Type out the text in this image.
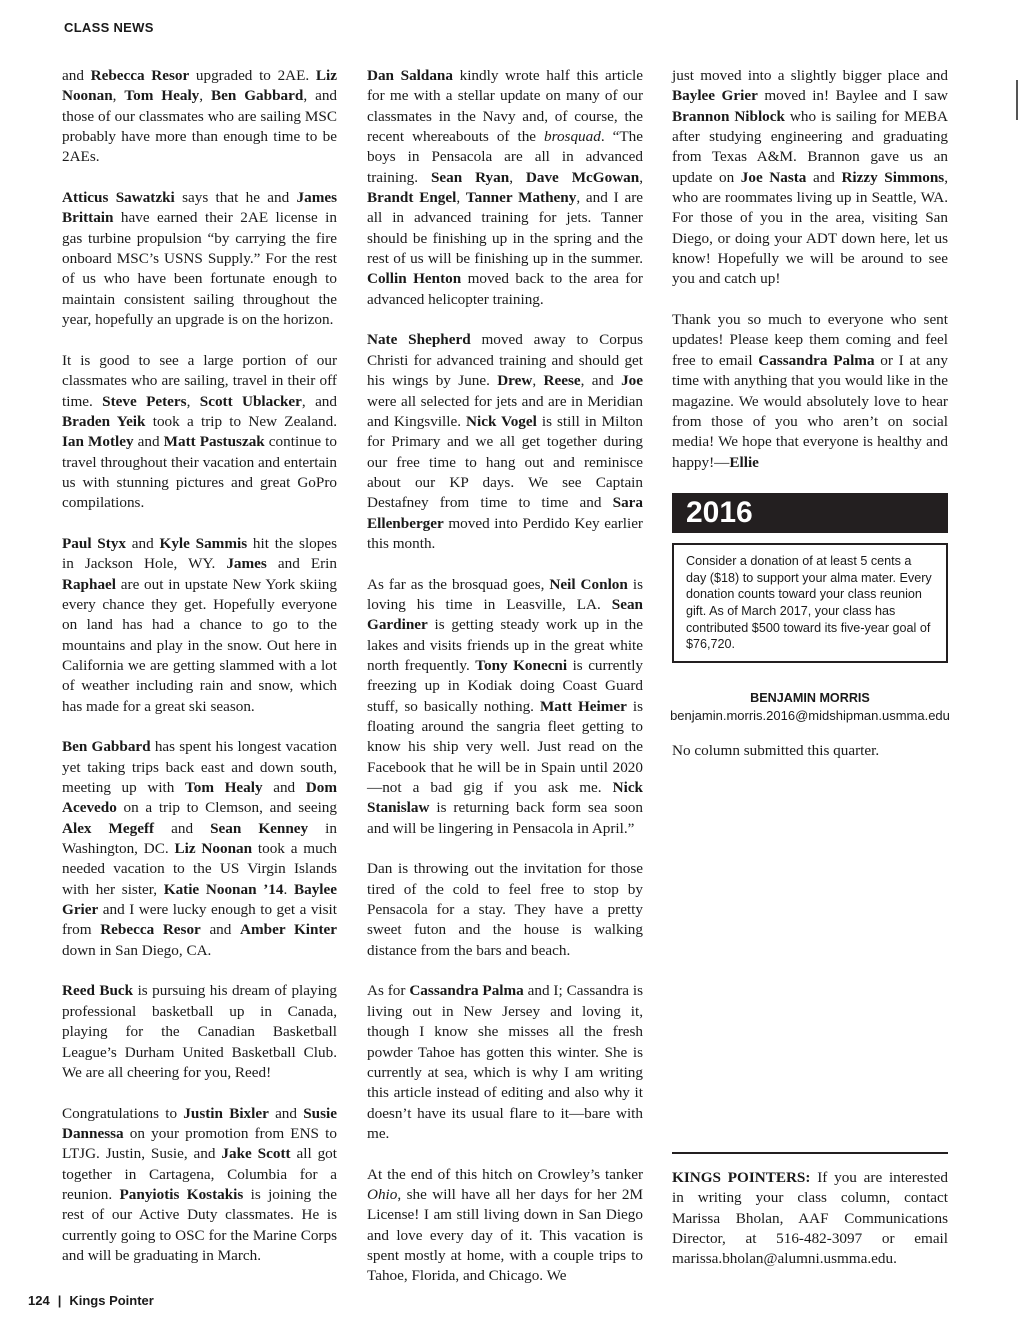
CLASS NEWS

and Rebecca Resor upgraded to 2AE. Liz Noonan, Tom Healy, Ben Gabbard, and those of our classmates who are sailing MSC probably have more than enough time to be 2AEs.

Atticus Sawatzki says that he and James Brittain have earned their 2AE license in gas turbine propulsion “by carrying the fire onboard MSC’s USNS Supply.” For the rest of us who have been fortunate enough to maintain consistent sailing throughout the year, hopefully an upgrade is on the horizon.

It is good to see a large portion of our classmates who are sailing, travel in their off time. Steve Peters, Scott Ublacker, and Braden Yeik took a trip to New Zealand. Ian Motley and Matt Pastuszak continue to travel throughout their vacation and entertain us with stunning pictures and great GoPro compilations.

Paul Styx and Kyle Sammis hit the slopes in Jackson Hole, WY. James and Erin Raphael are out in upstate New York skiing every chance they get. Hopefully everyone on land has had a chance to go to the mountains and play in the snow. Out here in California we are getting slammed with a lot of weather including rain and snow, which has made for a great ski season.

Ben Gabbard has spent his longest vacation yet taking trips back east and down south, meeting up with Tom Healy and Dom Acevedo on a trip to Clemson, and seeing Alex Megeff and Sean Kenney in Washington, DC. Liz Noonan took a much needed vacation to the US Virgin Islands with her sister, Katie Noonan ’14. Baylee Grier and I were lucky enough to get a visit from Rebecca Resor and Amber Kinter down in San Diego, CA.

Reed Buck is pursuing his dream of playing professional basketball up in Canada, playing for the Canadian Basketball League’s Durham United Basketball Club. We are all cheering for you, Reed!

Congratulations to Justin Bixler and Susie Dannessa on your promotion from ENS to LTJG. Justin, Susie, and Jake Scott all got together in Cartagena, Columbia for a reunion. Panyiotis Kostakis is joining the rest of our Active Duty classmates. He is currently going to OSC for the Marine Corps and will be graduating in March.

Dan Saldana kindly wrote half this article for me with a stellar update on many of our classmates in the Navy and, of course, the recent whereabouts of the brosquad. “The boys in Pensacola are all in advanced training. Sean Ryan, Dave McGowan, Brandt Engel, Tanner Matheny, and I are all in advanced training for jets. Tanner should be finishing up in the spring and the rest of us will be finishing up in the summer. Collin Henton moved back to the area for advanced helicopter training.

Nate Shepherd moved away to Corpus Christi for advanced training and should get his wings by June. Drew, Reese, and Joe were all selected for jets and are in Meridian and Kingsville. Nick Vogel is still in Milton for Primary and we all get together during our free time to hang out and reminisce about our KP days. We see Captain Destafney from time to time and Sara Ellenberger moved into Perdido Key earlier this month.

As far as the brosquad goes, Neil Conlon is loving his time in Leasville, LA. Sean Gardiner is getting steady work up in the lakes and visits friends up in the great white north frequently. Tony Konecni is currently freezing up in Kodiak doing Coast Guard stuff, so basically nothing. Matt Heimer is floating around the sangria fleet getting to know his ship very well. Just read on the Facebook that he will be in Spain until 2020—not a bad gig if you ask me. Nick Stanislaw is returning back form sea soon and will be lingering in Pensacola in April.”

Dan is throwing out the invitation for those tired of the cold to feel free to stop by Pensacola for a stay. They have a pretty sweet futon and the house is walking distance from the bars and beach.

As for Cassandra Palma and I; Cassandra is living out in New Jersey and loving it, though I know she misses all the fresh powder Tahoe has gotten this winter. She is currently at sea, which is why I am writing this article instead of editing and also why it doesn’t have its usual flare to it—bare with me.

At the end of this hitch on Crowley’s tanker Ohio, she will have all her days for her 2M License! I am still living down in San Diego and love every day of it. This vacation is spent mostly at home, with a couple trips to Tahoe, Florida, and Chicago. We

just moved into a slightly bigger place and Baylee Grier moved in! Baylee and I saw Brannon Niblock who is sailing for MEBA after studying engineering and graduating from Texas A&M. Brannon gave us an update on Joe Nasta and Rizzy Simmons, who are roommates living up in Seattle, WA. For those of you in the area, visiting San Diego, or doing your ADT down here, let us know! Hopefully we will be around to see you and catch up!

Thank you so much to everyone who sent updates! Please keep them coming and feel free to email Cassandra Palma or I at any time with anything that you would like in the magazine. We would absolutely love to hear from those of you who aren’t on social media! We hope that everyone is healthy and happy!—Ellie

2016
Consider a donation of at least 5 cents a day ($18) to support your alma mater. Every donation counts toward your class reunion gift. As of March 2017, your class has contributed $500 toward its five-year goal of $76,720.
BENJAMIN MORRIS
benjamin.morris.2016@midshipman.usmma.edu
No column submitted this quarter.
KINGS POINTERS: If you are interested in writing your class column, contact Marissa Bholan, AAF Communications Director, at 516-482-3097 or email marissa.bholan@alumni.usmma.edu.
124 | Kings Pointer
